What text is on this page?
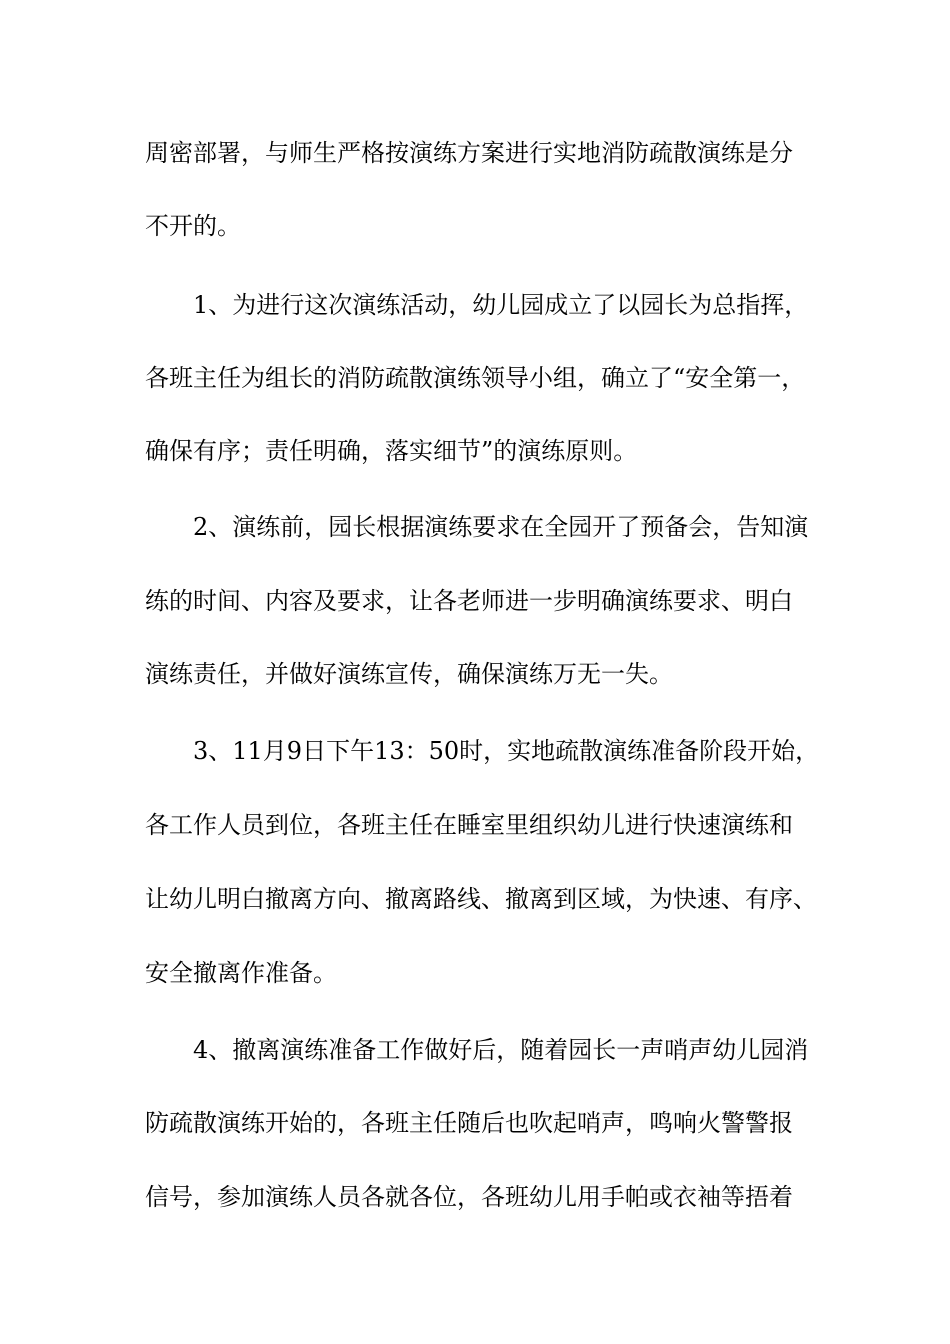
周密部署，与师生严格按演练方案进行实地消防疏散演练是分
不开的。
　　1、为进行这次演练活动，幼儿园成立了以园长为总指挥，
各班主任为组长的消防疏散演练领导小组，确立了“安全第一，
确保有序；责任明确，落实细节”的演练原则。
　　2、演练前，园长根据演练要求在全园开了预备会，告知演
练的时间、内容及要求，让各老师进一步明确演练要求、明白
演练责任，并做好演练宣传，确保演练万无一失。
　　3、11月9日下午13：50时，实地疏散演练准备阶段开始，
各工作人员到位，各班主任在睡室里组织幼儿进行快速演练和
让幼儿明白撤离方向、撤离路线、撤离到区域，为快速、有序、
安全撤离作准备。
　　4、撤离演练准备工作做好后，随着园长一声哨声幼儿园消
防疏散演练开始的，各班主任随后也吹起哨声，鸣响火警警报
信号，参加演练人员各就各位，各班幼儿用手帕或衣袖等捂着
